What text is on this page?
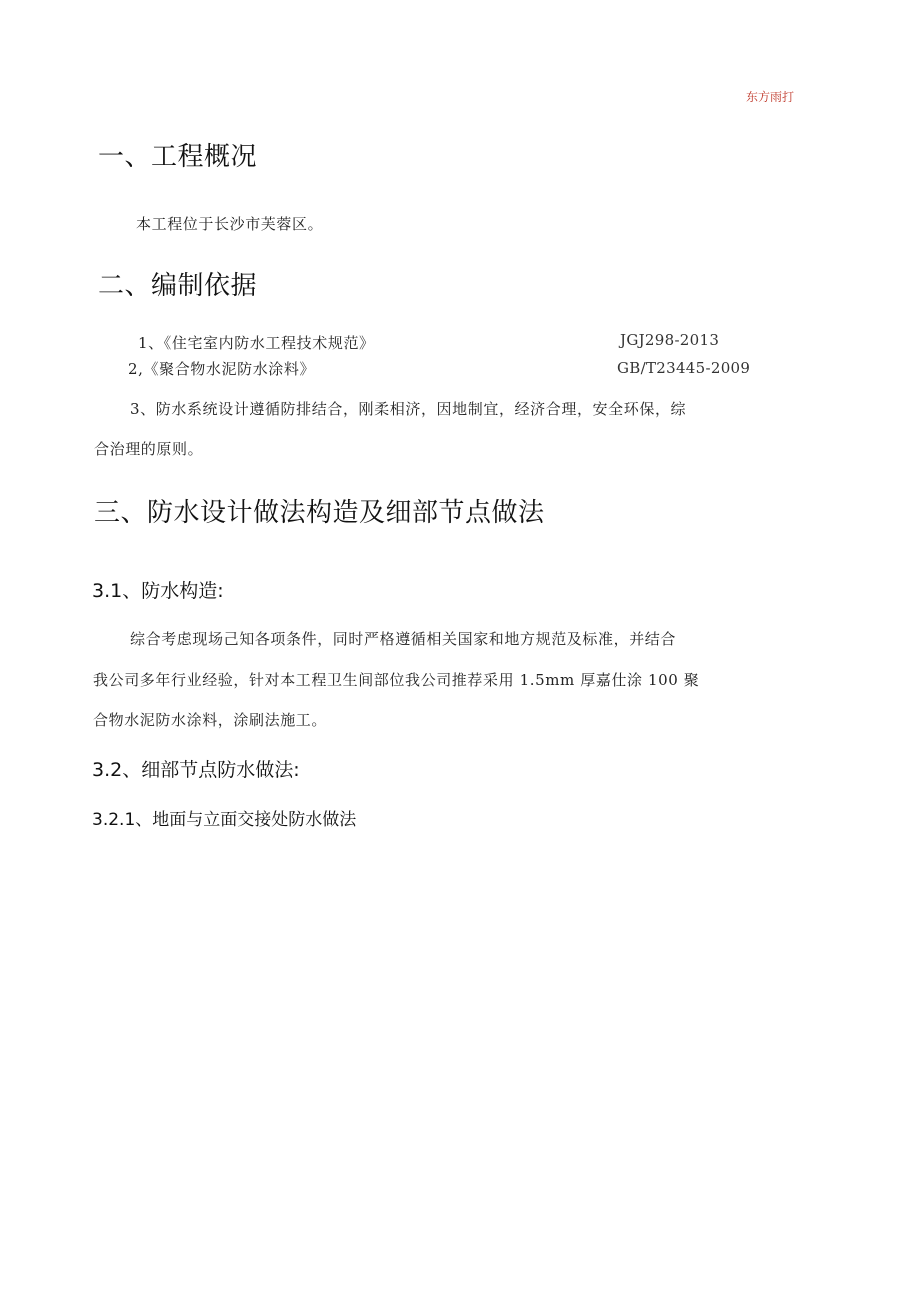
东方雨打
一、工程概况
本工程位于长沙市芙蓉区。
二、编制依据
1、《住宅室内防水工程技术规范》	JGJ298-2013
2,《聚合物水泥防水涂料》	GB/T23445-2009
3、防水系统设计遵循防排结合，刚柔相济，因地制宜，经济合理，安全环保，综
合治理的原则。
三、防水设计做法构造及细部节点做法
3.1、防水构造:
综合考虑现场己知各项条件，同时严格遵循相关国家和地方规范及标准，并结合
我公司多年行业经验，针对本工程卫生间部位我公司推荐采用 1.5mm 厚嘉仕涂 100 聚
合物水泥防水涂料，涂刷法施工。
3.2、细部节点防水做法:
3.2.1、地面与立面交接处防水做法
